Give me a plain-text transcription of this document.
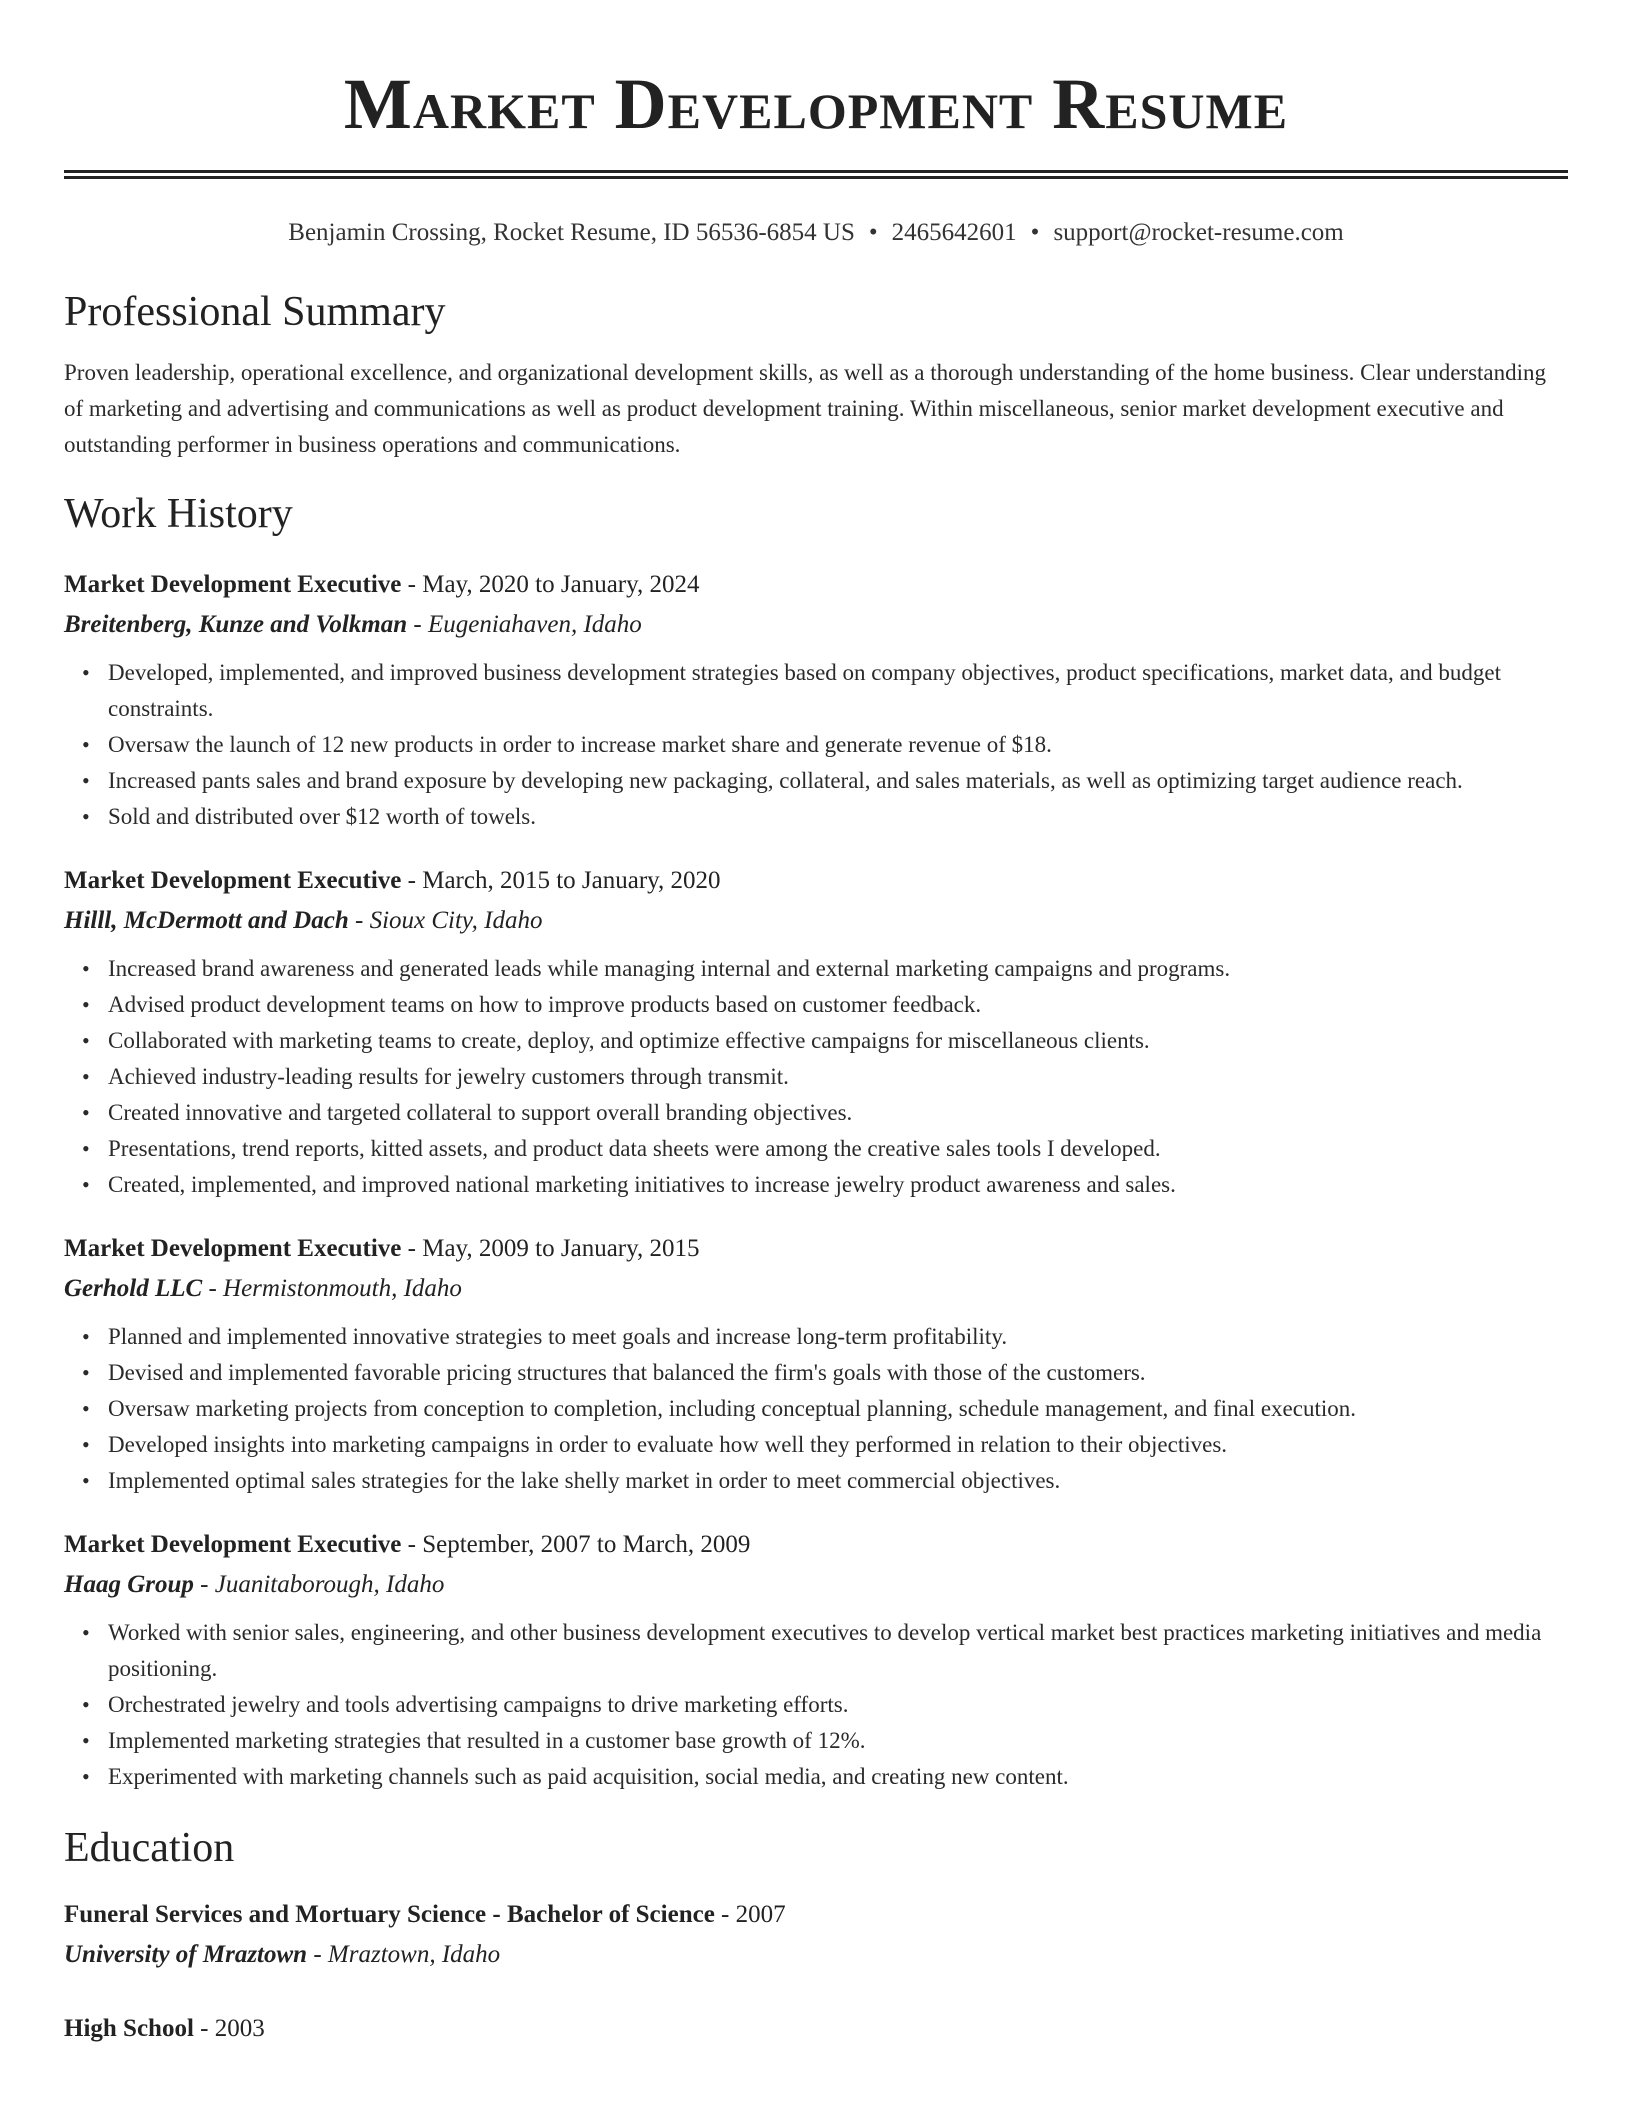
Market Development Resume
Benjamin Crossing, Rocket Resume, ID 56536-6854 US • 2465642601 • support@rocket-resume.com
Professional Summary

Proven leadership, operational excellence, and organizational development skills, as well as a thorough understanding of the home business. Clear understanding of marketing and advertising and communications as well as product development training. Within miscellaneous, senior market development executive and outstanding performer in business operations and communications.

Work History
Market Development Executive - May, 2020 to January, 2024
Breitenberg, Kunze and Volkman - Eugeniahaven, Idaho
• Developed, implemented, and improved business development strategies based on company objectives, product specifications, market data, and budget constraints.
• Oversaw the launch of 12 new products in order to increase market share and generate revenue of $18.
• Increased pants sales and brand exposure by developing new packaging, collateral, and sales materials, as well as optimizing target audience reach.
• Sold and distributed over $12 worth of towels.
Market Development Executive - March, 2015 to January, 2020
Hilll, McDermott and Dach - Sioux City, Idaho
• Increased brand awareness and generated leads while managing internal and external marketing campaigns and programs.
• Advised product development teams on how to improve products based on customer feedback.
• Collaborated with marketing teams to create, deploy, and optimize effective campaigns for miscellaneous clients.
• Achieved industry-leading results for jewelry customers through transmit.
• Created innovative and targeted collateral to support overall branding objectives.
• Presentations, trend reports, kitted assets, and product data sheets were among the creative sales tools I developed.
• Created, implemented, and improved national marketing initiatives to increase jewelry product awareness and sales.
Market Development Executive - May, 2009 to January, 2015
Gerhold LLC - Hermistonmouth, Idaho
• Planned and implemented innovative strategies to meet goals and increase long-term profitability.
• Devised and implemented favorable pricing structures that balanced the firm's goals with those of the customers.
• Oversaw marketing projects from conception to completion, including conceptual planning, schedule management, and final execution.
• Developed insights into marketing campaigns in order to evaluate how well they performed in relation to their objectives.
• Implemented optimal sales strategies for the lake shelly market in order to meet commercial objectives.
Market Development Executive - September, 2007 to March, 2009
Haag Group - Juanitaborough, Idaho
• Worked with senior sales, engineering, and other business development executives to develop vertical market best practices marketing initiatives and media positioning.
• Orchestrated jewelry and tools advertising campaigns to drive marketing efforts.
• Implemented marketing strategies that resulted in a customer base growth of 12%.
• Experimented with marketing channels such as paid acquisition, social media, and creating new content.
Education
Funeral Services and Mortuary Science - Bachelor of Science - 2007
University of Mraztown - Mraztown, Idaho
High School - 2003
